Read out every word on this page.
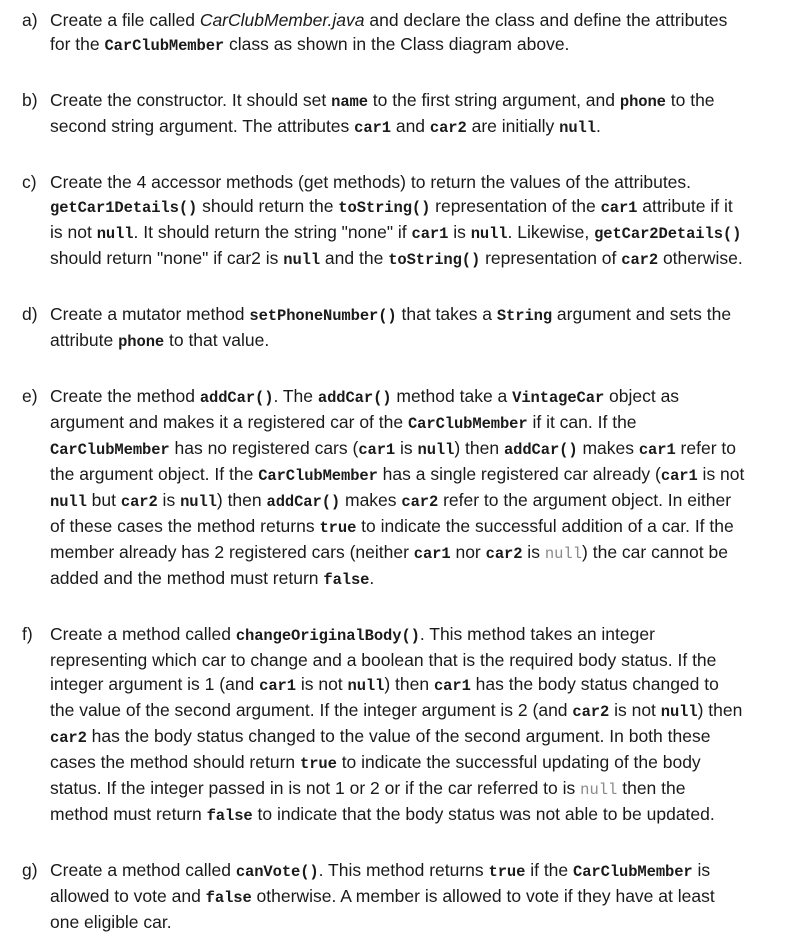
a) Create a file called CarClubMember.java and declare the class and define the attributes for the CarClubMember class as shown in the Class diagram above.
b) Create the constructor. It should set name to the first string argument, and phone to the second string argument. The attributes car1 and car2 are initially null.
c) Create the 4 accessor methods (get methods) to return the values of the attributes. getCar1Details() should return the toString() representation of the car1 attribute if it is not null. It should return the string "none" if car1 is null. Likewise, getCar2Details() should return "none" if car2 is null and the toString() representation of car2 otherwise.
d) Create a mutator method setPhoneNumber() that takes a String argument and sets the attribute phone to that value.
e) Create the method addCar(). The addCar() method take a VintageCar object as argument and makes it a registered car of the CarClubMember if it can. If the CarClubMember has no registered cars (car1 is null) then addCar() makes car1 refer to the argument object. If the CarClubMember has a single registered car already (car1 is not null but car2 is null) then addCar() makes car2 refer to the argument object. In either of these cases the method returns true to indicate the successful addition of a car. If the member already has 2 registered cars (neither car1 nor car2 is null) the car cannot be added and the method must return false.
f) Create a method called changeOriginalBody(). This method takes an integer representing which car to change and a boolean that is the required body status. If the integer argument is 1 (and car1 is not null) then car1 has the body status changed to the value of the second argument. If the integer argument is 2 (and car2 is not null) then car2 has the body status changed to the value of the second argument. In both these cases the method should return true to indicate the successful updating of the body status. If the integer passed in is not 1 or 2 or if the car referred to is null then the method must return false to indicate that the body status was not able to be updated.
g) Create a method called canVote(). This method returns true if the CarClubMember is allowed to vote and false otherwise. A member is allowed to vote if they have at least one eligible car.
